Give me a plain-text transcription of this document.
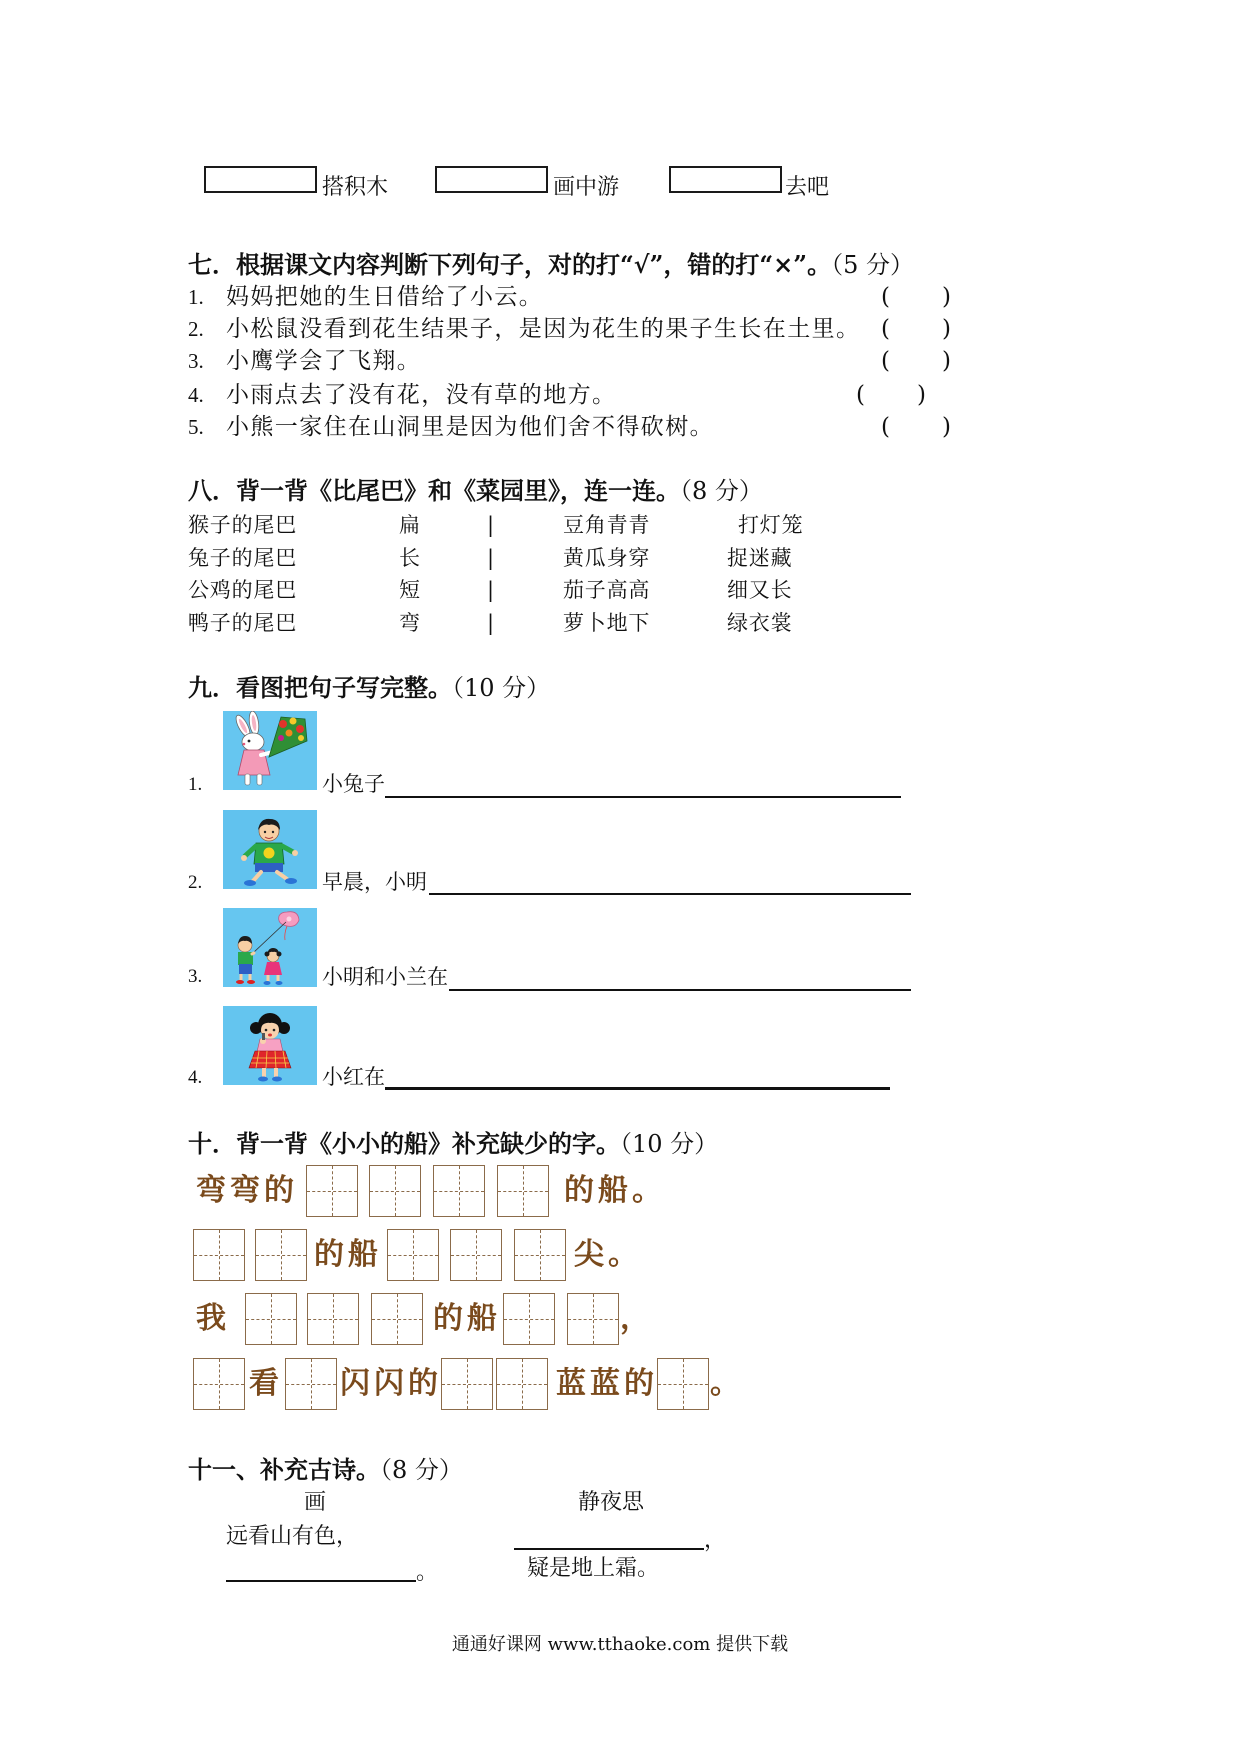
搭积木	画中游	去吧
七．根据课文内容判断下列句子，对的打“√”，错的打“×”。（5 分）
1. 妈妈把她的生日借给了小云。	( )
2. 小松鼠没看到花生结果子，是因为花生的果子生长在土里。 ( )
3. 小鹰学会了飞翔。	( )
4. 小雨点去了没有花，没有草的地方。	( )
5. 小熊一家住在山洞里是因为他们舍不得砍树。	( )
八．背一背《比尾巴》和《菜园里》，连一连。（8 分）
猴子的尾巴	扁	|	豆角青青	打灯笼
兔子的尾巴	长	|	黄瓜身穿	捉迷藏
公鸡的尾巴	短	|	茄子高高	细又长
鸭子的尾巴	弯	|	萝卜地下	绿衣裳
九．看图把句子写完整。（10 分）
1.	小兔子
2.	早晨，小明
3.	小明和小兰在
4.	小红在
十．背一背《小小的船》补充缺少的字。（10 分）
弯弯的	的船。
的船	尖。
我	的船	，
看 闪闪的	蓝蓝的 。
十一、补充古诗。（8 分）
画
远看山有色，
。
静夜思
，
疑是地上霜。
通通好课网 www.tthaoke.com 提供下载
